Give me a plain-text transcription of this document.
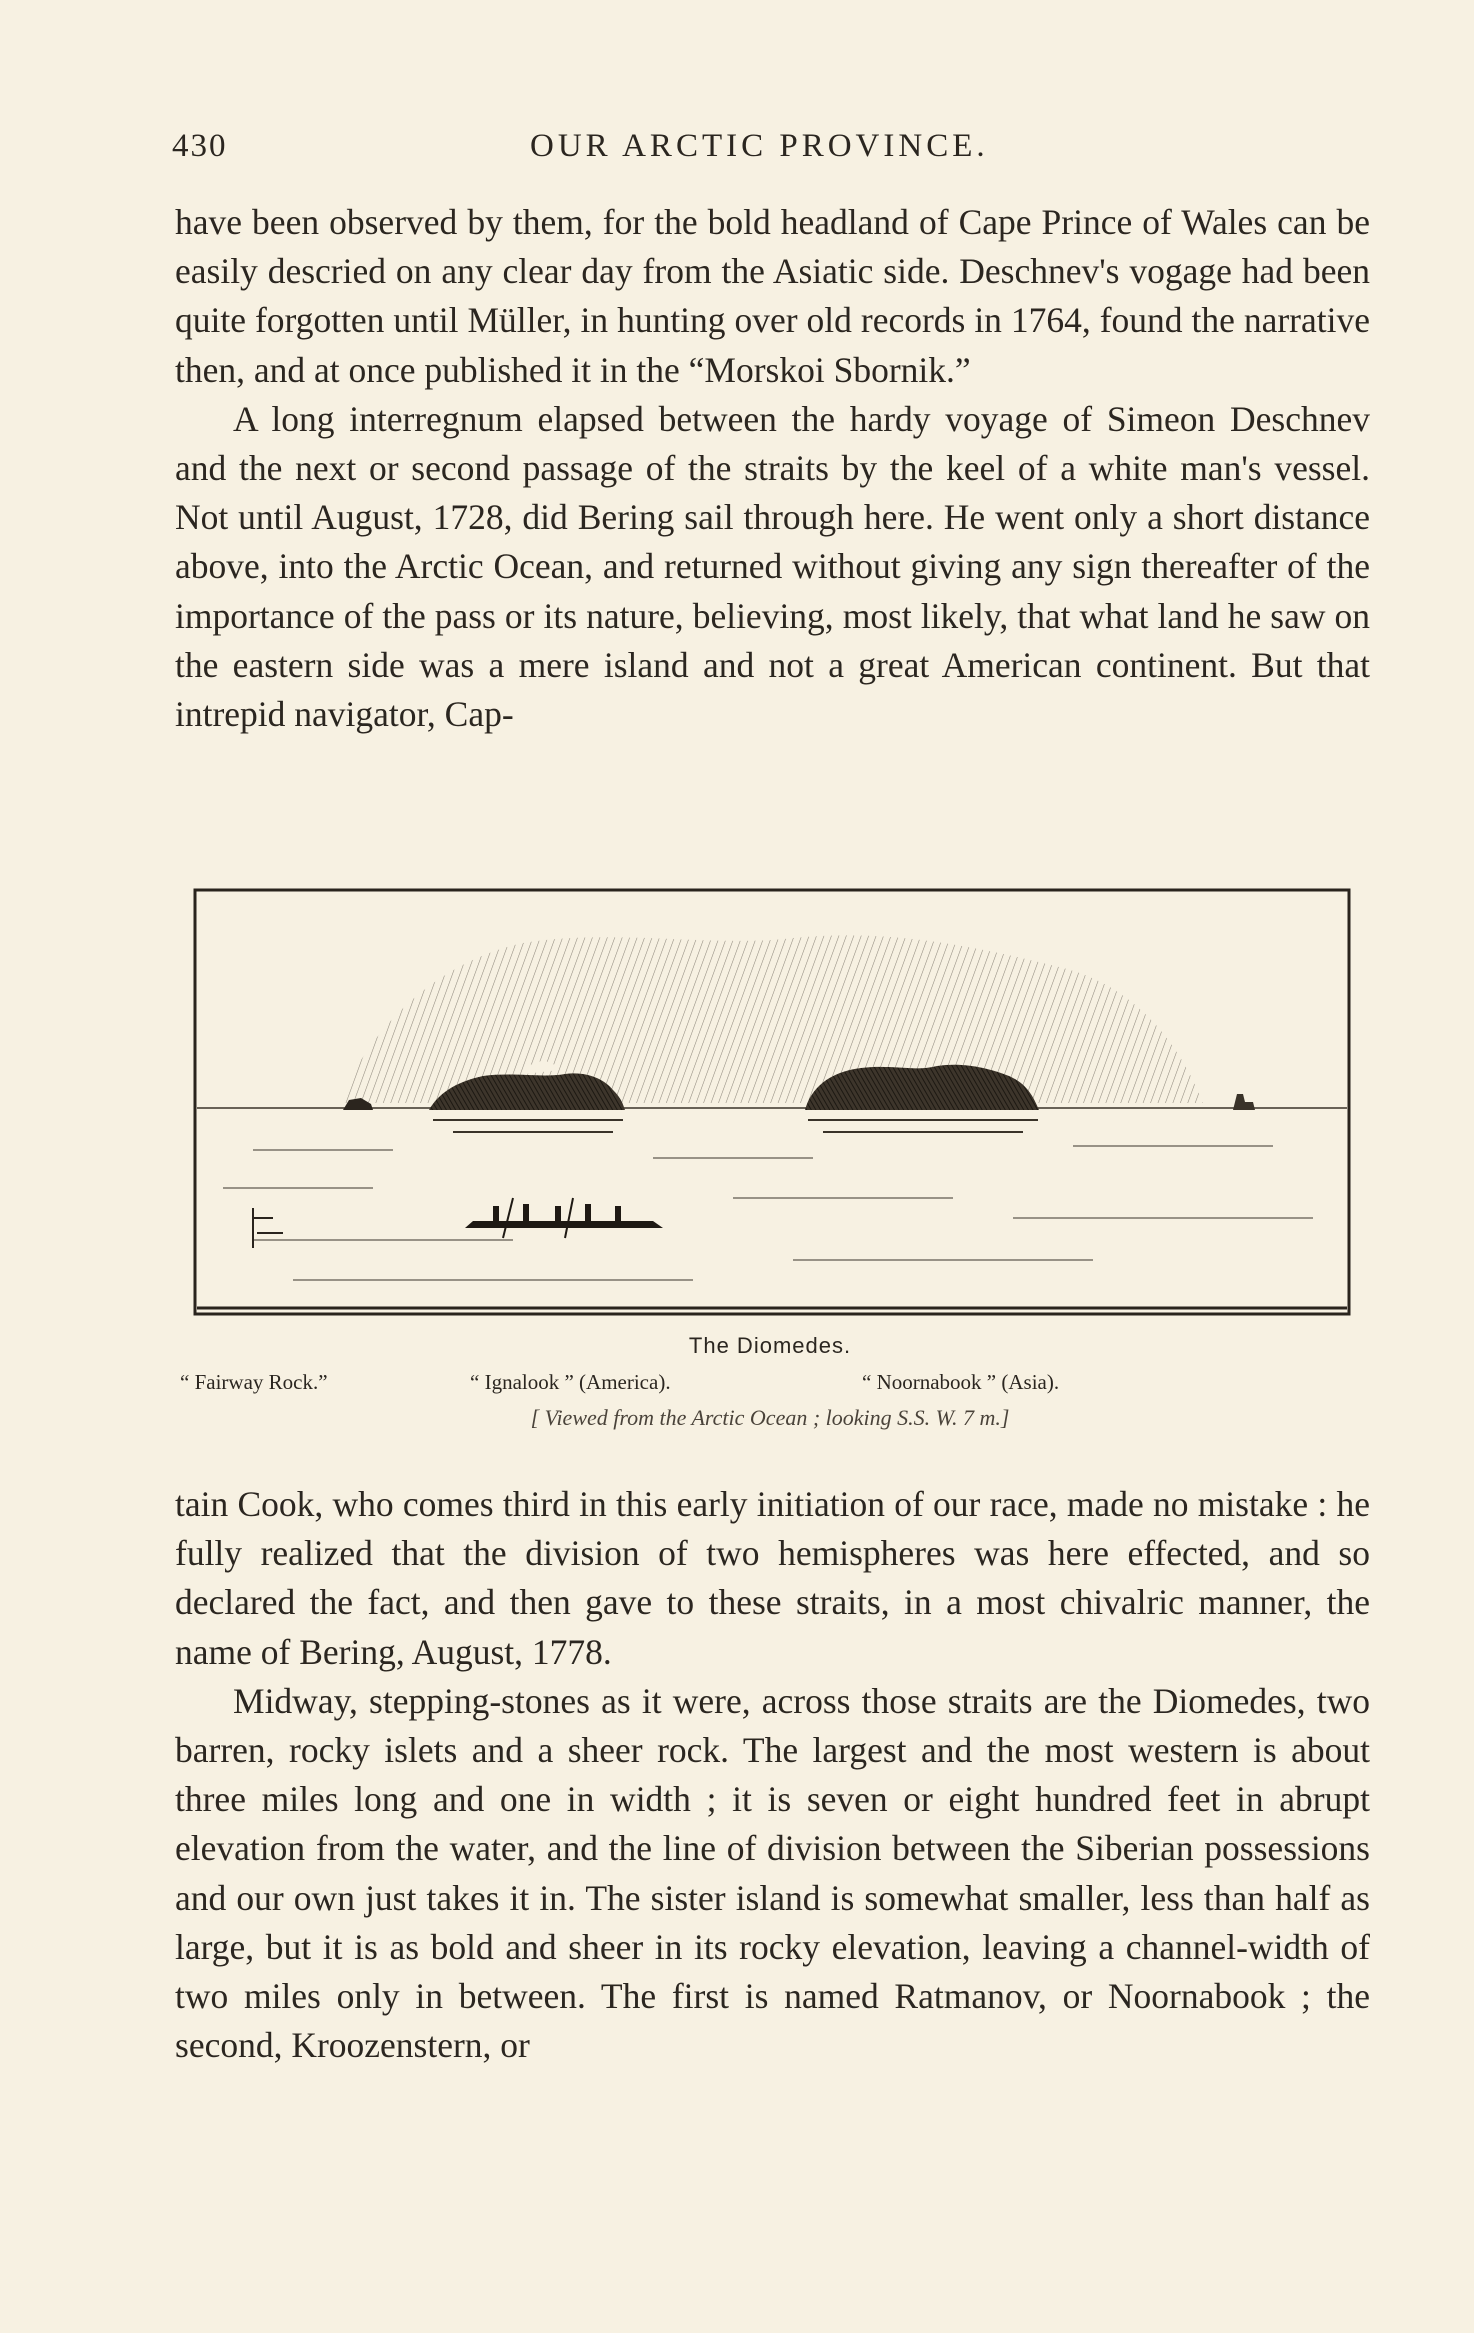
430	OUR ARCTIC PROVINCE.

have been observed by them, for the bold headland of Cape Prince of Wales can be easily descried on any clear day from the Asiatic side. Deschnev's vogage had been quite forgotten until Müller, in hunting over old records in 1764, found the narrative then, and at once published it in the “Morskoi Sbornik.”

A long interregnum elapsed between the hardy voyage of Simeon Deschnev and the next or second passage of the straits by the keel of a white man's vessel. Not until August, 1728, did Bering sail through here. He went only a short distance above, into the Arctic Ocean, and returned without giving any sign thereafter of the importance of the pass or its nature, believing, most likely, that what land he saw on the eastern side was a mere island and not a great American continent. But that intrepid navigator, Cap-

The Diomedes.
“ Fairway Rock.”	“ Ignalook ” (America).	“ Noornabook ” (Asia).
[ Viewed from the Arctic Ocean ; looking S.S. W. 7 m.]

tain Cook, who comes third in this early initiation of our race, made no mistake : he fully realized that the division of two hemispheres was here effected, and so declared the fact, and then gave to these straits, in a most chivalric manner, the name of Bering, August, 1778.

Midway, stepping-stones as it were, across those straits are the Diomedes, two barren, rocky islets and a sheer rock. The largest and the most western is about three miles long and one in width ; it is seven or eight hundred feet in abrupt elevation from the water, and the line of division between the Siberian possessions and our own just takes it in. The sister island is somewhat smaller, less than half as large, but it is as bold and sheer in its rocky elevation, leaving a channel-width of two miles only in between. The first is named Ratmanov, or Noornabook ; the second, Kroozenstern, or
